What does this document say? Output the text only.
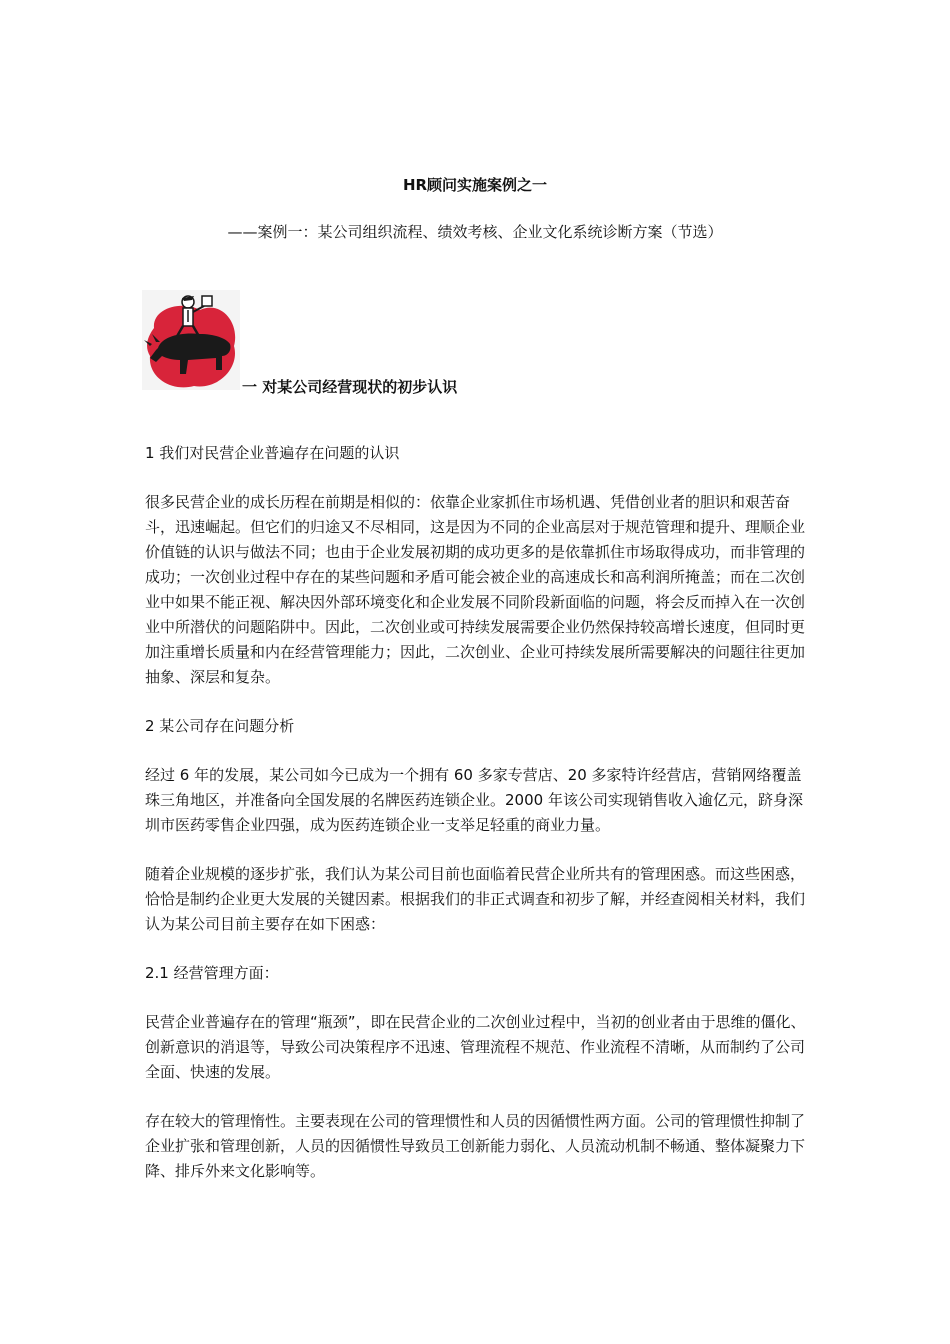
HR顾问实施案例之一
——案例一：某公司组织流程、绩效考核、企业文化系统诊断方案（节选）
一 对某公司经营现状的初步认识

1 我们对民营企业普遍存在问题的认识

很多民营企业的成长历程在前期是相似的：依靠企业家抓住市场机遇、凭借创业者的胆识和艰苦奋斗，迅速崛起。但它们的归途又不尽相同，这是因为不同的企业高层对于规范管理和提升、理顺企业价值链的认识与做法不同；也由于企业发展初期的成功更多的是依靠抓住市场取得成功，而非管理的成功；一次创业过程中存在的某些问题和矛盾可能会被企业的高速成长和高利润所掩盖；而在二次创业中如果不能正视、解决因外部环境变化和企业发展不同阶段新面临的问题，将会反而掉入在一次创业中所潜伏的问题陷阱中。因此，二次创业或可持续发展需要企业仍然保持较高增长速度，但同时更加注重增长质量和内在经营管理能力；因此，二次创业、企业可持续发展所需要解决的问题往往更加抽象、深层和复杂。

2 某公司存在问题分析

经过 6 年的发展，某公司如今已成为一个拥有 60 多家专营店、20 多家特许经营店，营销网络覆盖珠三角地区，并准备向全国发展的名牌医药连锁企业。2000 年该公司实现销售收入逾亿元，跻身深圳市医药零售企业四强，成为医药连锁企业一支举足轻重的商业力量。

随着企业规模的逐步扩张，我们认为某公司目前也面临着民营企业所共有的管理困惑。而这些困惑，恰恰是制约企业更大发展的关键因素。根据我们的非正式调查和初步了解，并经查阅相关材料，我们认为某公司目前主要存在如下困惑：

2.1 经营管理方面：

民营企业普遍存在的管理“瓶颈”，即在民营企业的二次创业过程中，当初的创业者由于思维的僵化、创新意识的消退等，导致公司决策程序不迅速、管理流程不规范、作业流程不清晰，从而制约了公司全面、快速的发展。

存在较大的管理惰性。主要表现在公司的管理惯性和人员的因循惯性两方面。公司的管理惯性抑制了企业扩张和管理创新，人员的因循惯性导致员工创新能力弱化、人员流动机制不畅通、整体凝聚力下降、排斥外来文化影响等。
